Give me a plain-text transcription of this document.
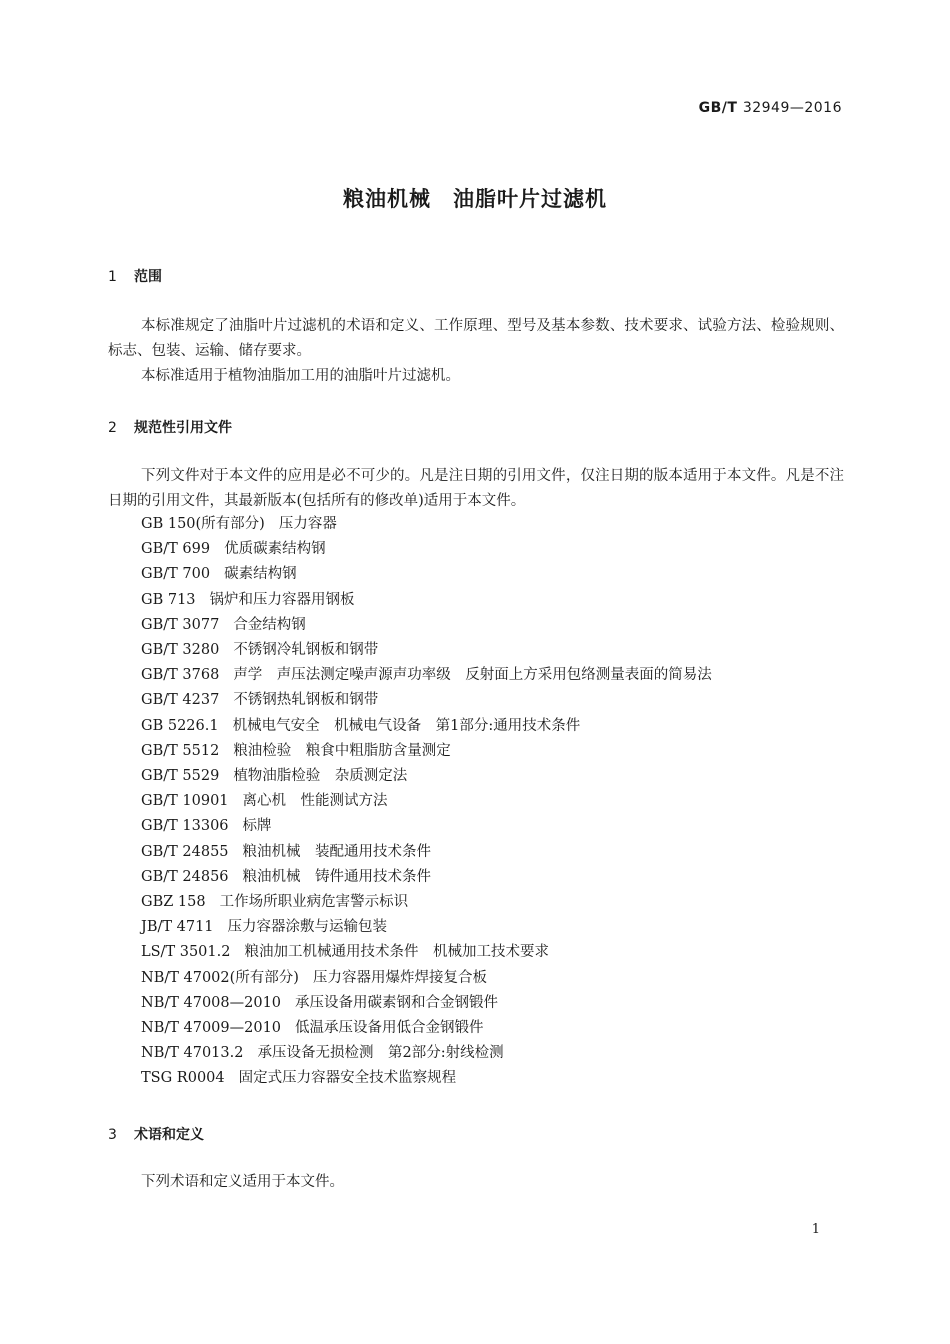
GB/T 32949—2016
粮油机械　油脂叶片过滤机
1 范围
本标准规定了油脂叶片过滤机的术语和定义、工作原理、型号及基本参数、技术要求、试验方法、检验规则、标志、包装、运输、储存要求。
本标准适用于植物油脂加工用的油脂叶片过滤机。
2 规范性引用文件
下列文件对于本文件的应用是必不可少的。凡是注日期的引用文件，仅注日期的版本适用于本文件。凡是不注日期的引用文件，其最新版本(包括所有的修改单)适用于本文件。
GB 150(所有部分) 压力容器
GB/T 699 优质碳素结构钢
GB/T 700 碳素结构钢
GB 713 锅炉和压力容器用钢板
GB/T 3077 合金结构钢
GB/T 3280 不锈钢冷轧钢板和钢带
GB/T 3768 声学　声压法测定噪声源声功率级　反射面上方采用包络测量表面的简易法
GB/T 4237 不锈钢热轧钢板和钢带
GB 5226.1 机械电气安全　机械电气设备　第1部分:通用技术条件
GB/T 5512 粮油检验　粮食中粗脂肪含量测定
GB/T 5529 植物油脂检验　杂质测定法
GB/T 10901 离心机　性能测试方法
GB/T 13306 标牌
GB/T 24855 粮油机械　装配通用技术条件
GB/T 24856 粮油机械　铸件通用技术条件
GBZ 158 工作场所职业病危害警示标识
JB/T 4711 压力容器涂敷与运输包装
LS/T 3501.2 粮油加工机械通用技术条件　机械加工技术要求
NB/T 47002(所有部分) 压力容器用爆炸焊接复合板
NB/T 47008—2010 承压设备用碳素钢和合金钢锻件
NB/T 47009—2010 低温承压设备用低合金钢锻件
NB/T 47013.2 承压设备无损检测　第2部分:射线检测
TSG R0004 固定式压力容器安全技术监察规程
3 术语和定义
下列术语和定义适用于本文件。
1
